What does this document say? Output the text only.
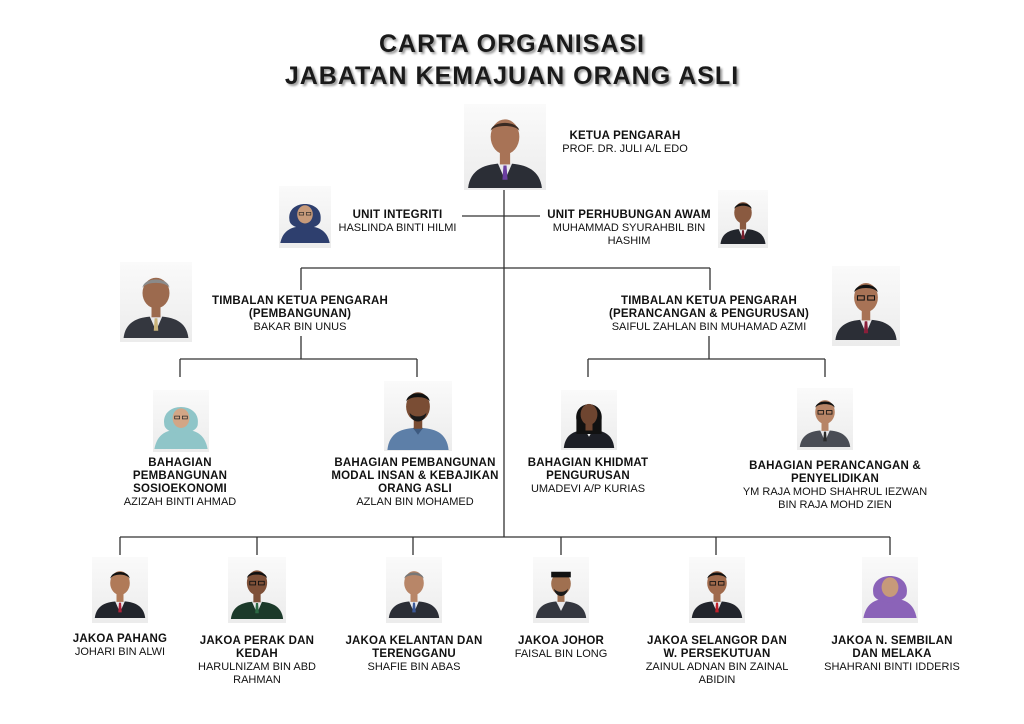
CARTA ORGANISASI
JABATAN KEMAJUAN ORANG ASLI
KETUA PENGARAH
PROF. DR. JULI A/L EDO
UNIT INTEGRITI
HASLINDA BINTI HILMI
UNIT PERHUBUNGAN AWAM
MUHAMMAD SYURAHBIL BIN HASHIM
TIMBALAN KETUA PENGARAH (PEMBANGUNAN)
BAKAR BIN UNUS
TIMBALAN KETUA PENGARAH (PERANCANGAN & PENGURUSAN)
SAIFUL ZAHLAN BIN MUHAMAD AZMI
BAHAGIAN PEMBANGUNAN SOSIOEKONOMI
AZIZAH BINTI AHMAD
BAHAGIAN PEMBANGUNAN MODAL INSAN & KEBAJIKAN ORANG ASLI
AZLAN BIN MOHAMED
BAHAGIAN KHIDMAT PENGURUSAN
UMADEVI A/P KURIAS
BAHAGIAN PERANCANGAN & PENYELIDIKAN
YM RAJA MOHD SHAHRUL IEZWAN BIN RAJA MOHD ZIEN
JAKOA PAHANG
JOHARI BIN ALWI
JAKOA PERAK DAN KEDAH
HARULNIZAM BIN ABD RAHMAN
JAKOA KELANTAN DAN TERENGGANU
SHAFIE BIN ABAS
JAKOA JOHOR
FAISAL BIN LONG
JAKOA SELANGOR DAN W. PERSEKUTUAN
ZAINUL ADNAN BIN ZAINAL ABIDIN
JAKOA N. SEMBILAN DAN MELAKA
SHAHRANI BINTI IDDERIS
